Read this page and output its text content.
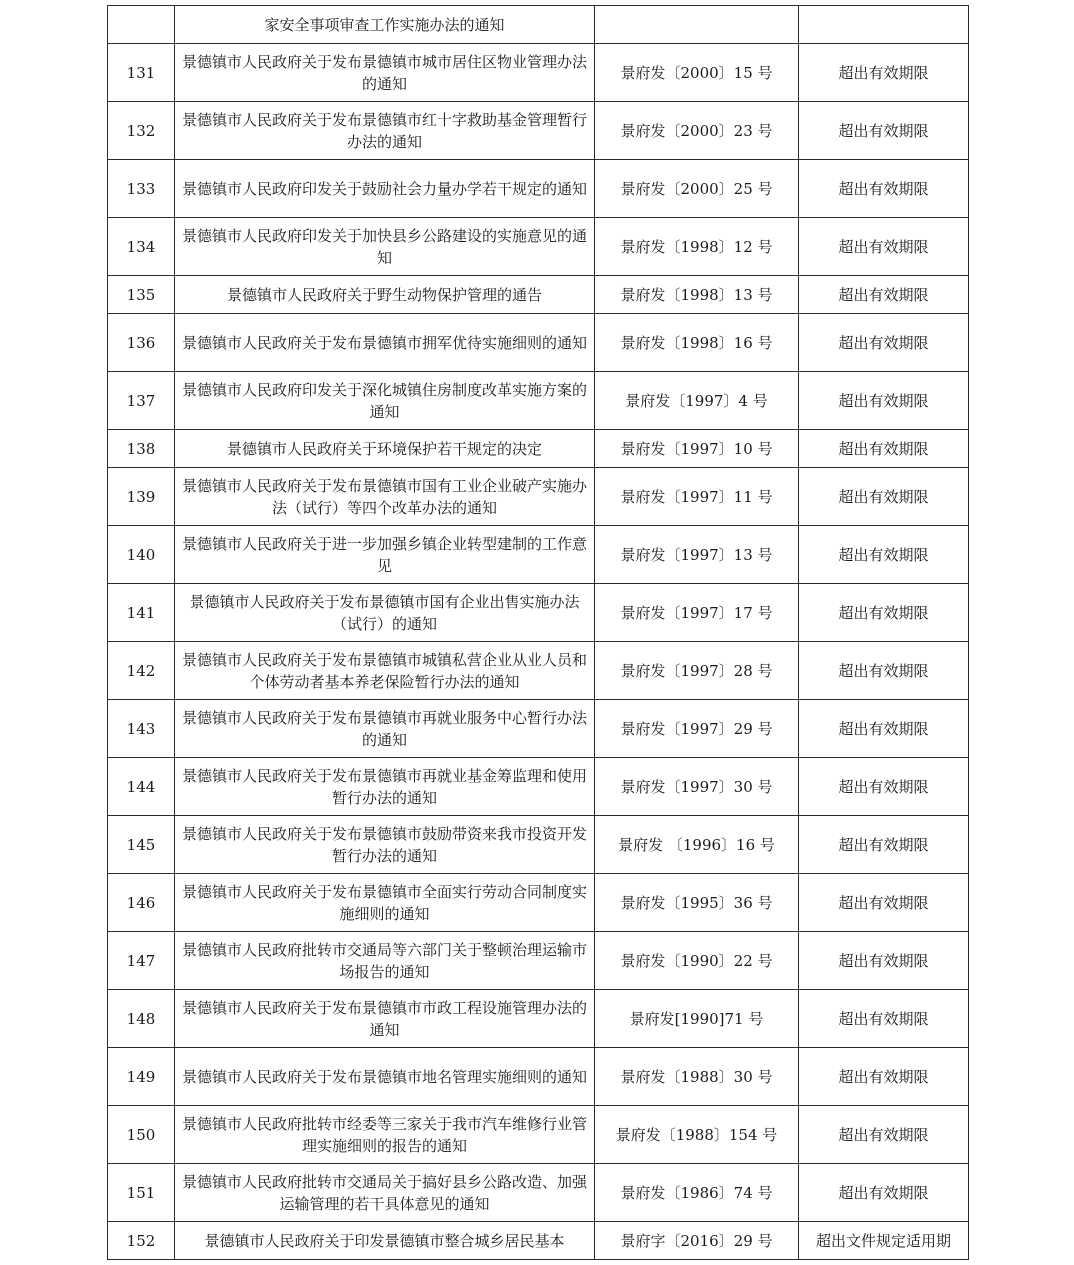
	家安全事项审查工作实施办法的通知		
131	景德镇市人民政府关于发布景德镇市城市居住区物业管理办法的通知	景府发〔2000〕15 号	超出有效期限
132	景德镇市人民政府关于发布景德镇市红十字救助基金管理暂行办法的通知	景府发〔2000〕23 号	超出有效期限
133	景德镇市人民政府印发关于鼓励社会力量办学若干规定的通知	景府发〔2000〕25 号	超出有效期限
134	景德镇市人民政府印发关于加快县乡公路建设的实施意见的通知	景府发〔1998〕12 号	超出有效期限
135	景德镇市人民政府关于野生动物保护管理的通告	景府发〔1998〕13 号	超出有效期限
136	景德镇市人民政府关于发布景德镇市拥军优待实施细则的通知	景府发〔1998〕16 号	超出有效期限
137	景德镇市人民政府印发关于深化城镇住房制度改革实施方案的通知	景府发〔1997〕4 号	超出有效期限
138	景德镇市人民政府关于环境保护若干规定的决定	景府发〔1997〕10 号	超出有效期限
139	景德镇市人民政府关于发布景德镇市国有工业企业破产实施办法（试行）等四个改革办法的通知	景府发〔1997〕11 号	超出有效期限
140	景德镇市人民政府关于进一步加强乡镇企业转型建制的工作意见	景府发〔1997〕13 号	超出有效期限
141	景德镇市人民政府关于发布景德镇市国有企业出售实施办法（试行）的通知	景府发〔1997〕17 号	超出有效期限
142	景德镇市人民政府关于发布景德镇市城镇私营企业从业人员和个体劳动者基本养老保险暂行办法的通知	景府发〔1997〕28 号	超出有效期限
143	景德镇市人民政府关于发布景德镇市再就业服务中心暂行办法的通知	景府发〔1997〕29 号	超出有效期限
144	景德镇市人民政府关于发布景德镇市再就业基金筹监理和使用暂行办法的通知	景府发〔1997〕30 号	超出有效期限
145	景德镇市人民政府关于发布景德镇市鼓励带资来我市投资开发暂行办法的通知	景府发 〔1996〕16 号	超出有效期限
146	景德镇市人民政府关于发布景德镇市全面实行劳动合同制度实施细则的通知	景府发〔1995〕36 号	超出有效期限
147	景德镇市人民政府批转市交通局等六部门关于整顿治理运输市场报告的通知	景府发〔1990〕22 号	超出有效期限
148	景德镇市人民政府关于发布景德镇市市政工程设施管理办法的通知	景府发[1990]71 号	超出有效期限
149	景德镇市人民政府关于发布景德镇市地名管理实施细则的通知	景府发〔1988〕30 号	超出有效期限
150	景德镇市人民政府批转市经委等三家关于我市汽车维修行业管理实施细则的报告的通知	景府发〔1988〕154 号	超出有效期限
151	景德镇市人民政府批转市交通局关于搞好县乡公路改造、加强运输管理的若干具体意见的通知	景府发〔1986〕74 号	超出有效期限
152	景德镇市人民政府关于印发景德镇市整合城乡居民基本	景府字〔2016〕29 号	超出文件规定适用期
